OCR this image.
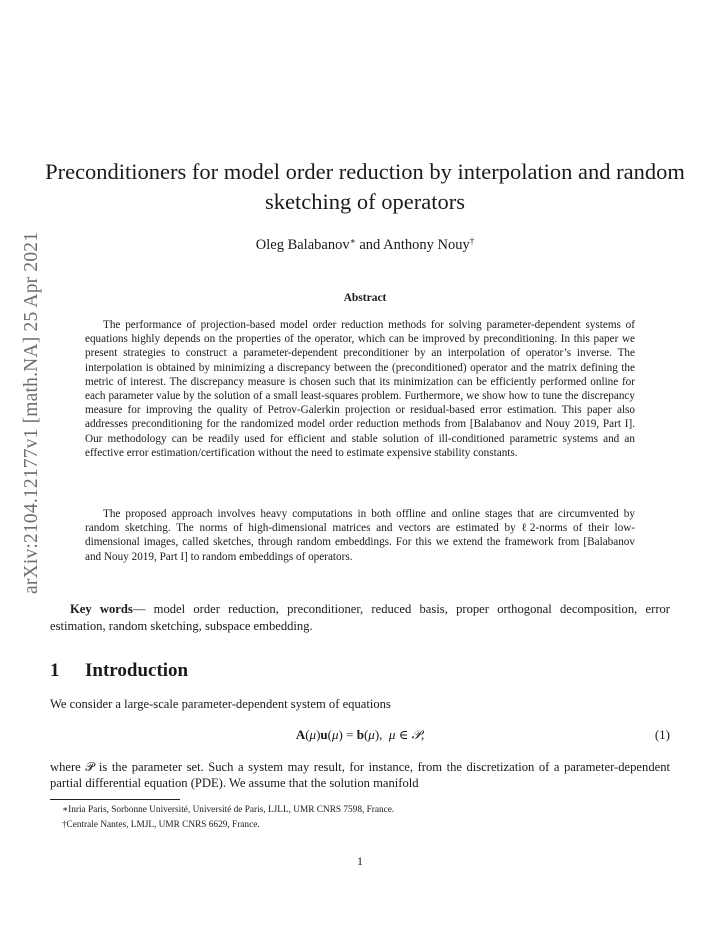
arXiv:2104.12177v1 [math.NA] 25 Apr 2021
Preconditioners for model order reduction by interpolation and random sketching of operators
Oleg Balabanov∗ and Anthony Nouy†
Abstract
The performance of projection-based model order reduction methods for solving parameter-dependent systems of equations highly depends on the properties of the operator, which can be improved by preconditioning. In this paper we present strategies to construct a parameter-dependent preconditioner by an interpolation of operator’s inverse. The interpolation is obtained by minimizing a discrepancy between the (preconditioned) operator and the matrix defining the metric of interest. The discrepancy measure is chosen such that its minimization can be efficiently performed online for each parameter value by the solution of a small least-squares problem. Furthermore, we show how to tune the discrepancy measure for improving the quality of Petrov-Galerkin projection or residual-based error estimation. This paper also addresses preconditioning for the randomized model order reduction methods from [Balabanov and Nouy 2019, Part I]. Our methodology can be readily used for efficient and stable solution of ill-conditioned parametric systems and an effective error estimation/certification without the need to estimate expensive stability constants.
The proposed approach involves heavy computations in both offline and online stages that are circumvented by random sketching. The norms of high-dimensional matrices and vectors are estimated by ℓ2-norms of their low-dimensional images, called sketches, through random embeddings. For this we extend the framework from [Balabanov and Nouy 2019, Part I] to random embeddings of operators.
Key words— model order reduction, preconditioner, reduced basis, proper orthogonal decomposition, error estimation, random sketching, subspace embedding.
1 Introduction
We consider a large-scale parameter-dependent system of equations
A(μ)u(μ) = b(μ),  μ ∈ 𝒫,	(1)
where 𝒫 is the parameter set. Such a system may result, for instance, from the discretization of a parameter-dependent partial differential equation (PDE). We assume that the solution manifold
∗Inria Paris, Sorbonne Université, Université de Paris, LJLL, UMR CNRS 7598, France.
†Centrale Nantes, LMJL, UMR CNRS 6629, France.
1
